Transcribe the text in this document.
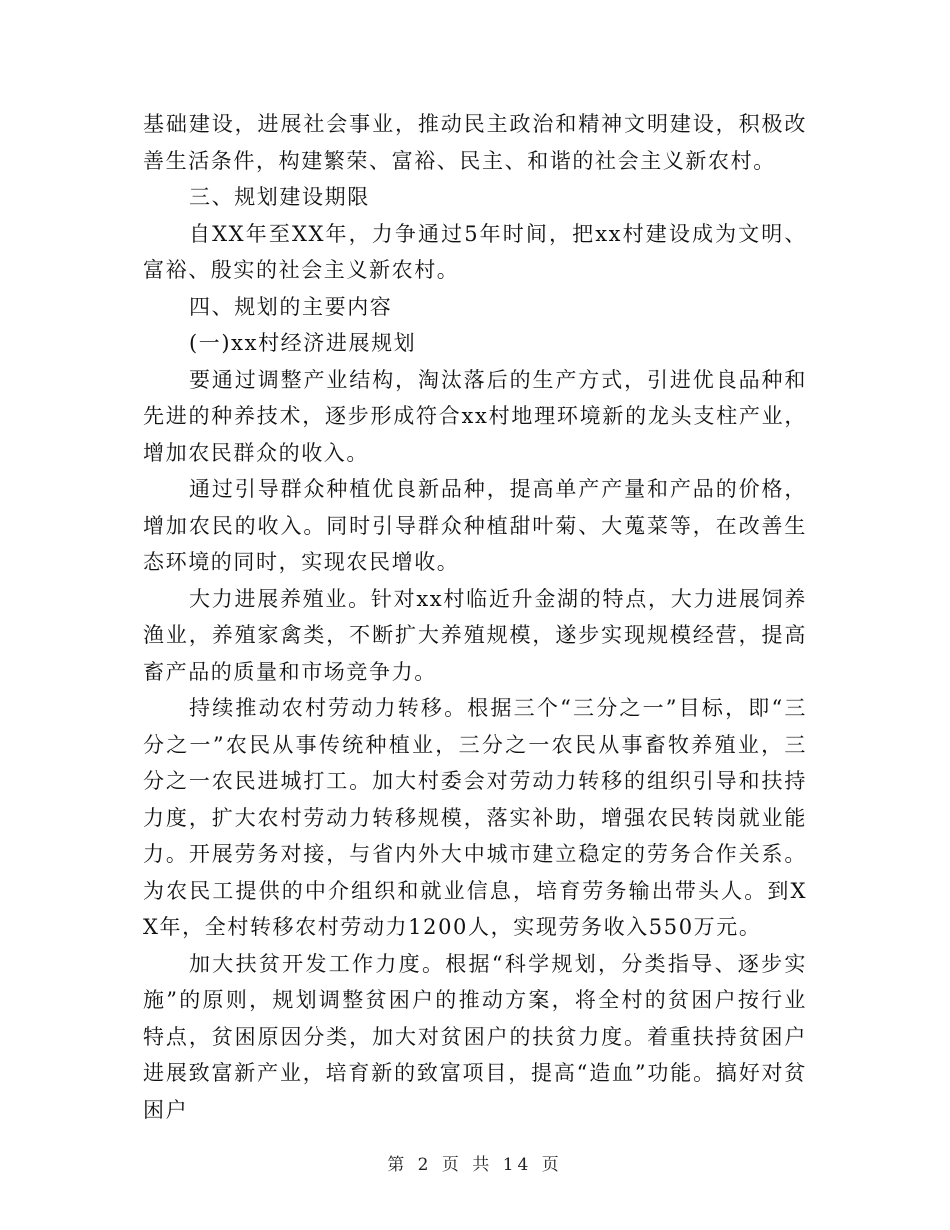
基础建设，进展社会事业，推动民主政治和精神文明建设，积极改善生活条件，构建繁荣、富裕、民主、和谐的社会主义新农村。

三、规划建设期限

自XX年至XX年，力争通过5年时间，把xx村建设成为文明、富裕、殷实的社会主义新农村。

四、规划的主要内容

(一)xx村经济进展规划

要通过调整产业结构，淘汰落后的生产方式，引进优良品种和先进的种养技术，逐步形成符合xx村地理环境新的龙头支柱产业，增加农民群众的收入。

通过引导群众种植优良新品种，提高单产产量和产品的价格，增加农民的收入。同时引导群众种植甜叶菊、大蒐菜等，在改善生态环境的同时，实现农民增收。

大力进展养殖业。针对xx村临近升金湖的特点，大力进展饲养渔业，养殖家禽类，不断扩大养殖规模，遂步实现规模经营，提高畜产品的质量和市场竞争力。

持续推动农村劳动力转移。根据三个“三分之一”目标，即“三分之一”农民从事传统种植业，三分之一农民从事畜牧养殖业，三分之一农民进城打工。加大村委会对劳动力转移的组织引导和扶持力度，扩大农村劳动力转移规模，落实补助，增强农民转岗就业能力。开展劳务对接，与省内外大中城市建立稳定的劳务合作关系。为农民工提供的中介组织和就业信息，培育劳务输出带头人。到XX年，全村转移农村劳动力1200人，实现劳务收入550万元。

加大扶贫开发工作力度。根据“科学规划，分类指导、逐步实施”的原则，规划调整贫困户的推动方案，将全村的贫困户按行业特点，贫困原因分类，加大对贫困户的扶贫力度。着重扶持贫困户进展致富新产业，培育新的致富项目，提高“造血”功能。搞好对贫困户

第 2 页 共 14 页
